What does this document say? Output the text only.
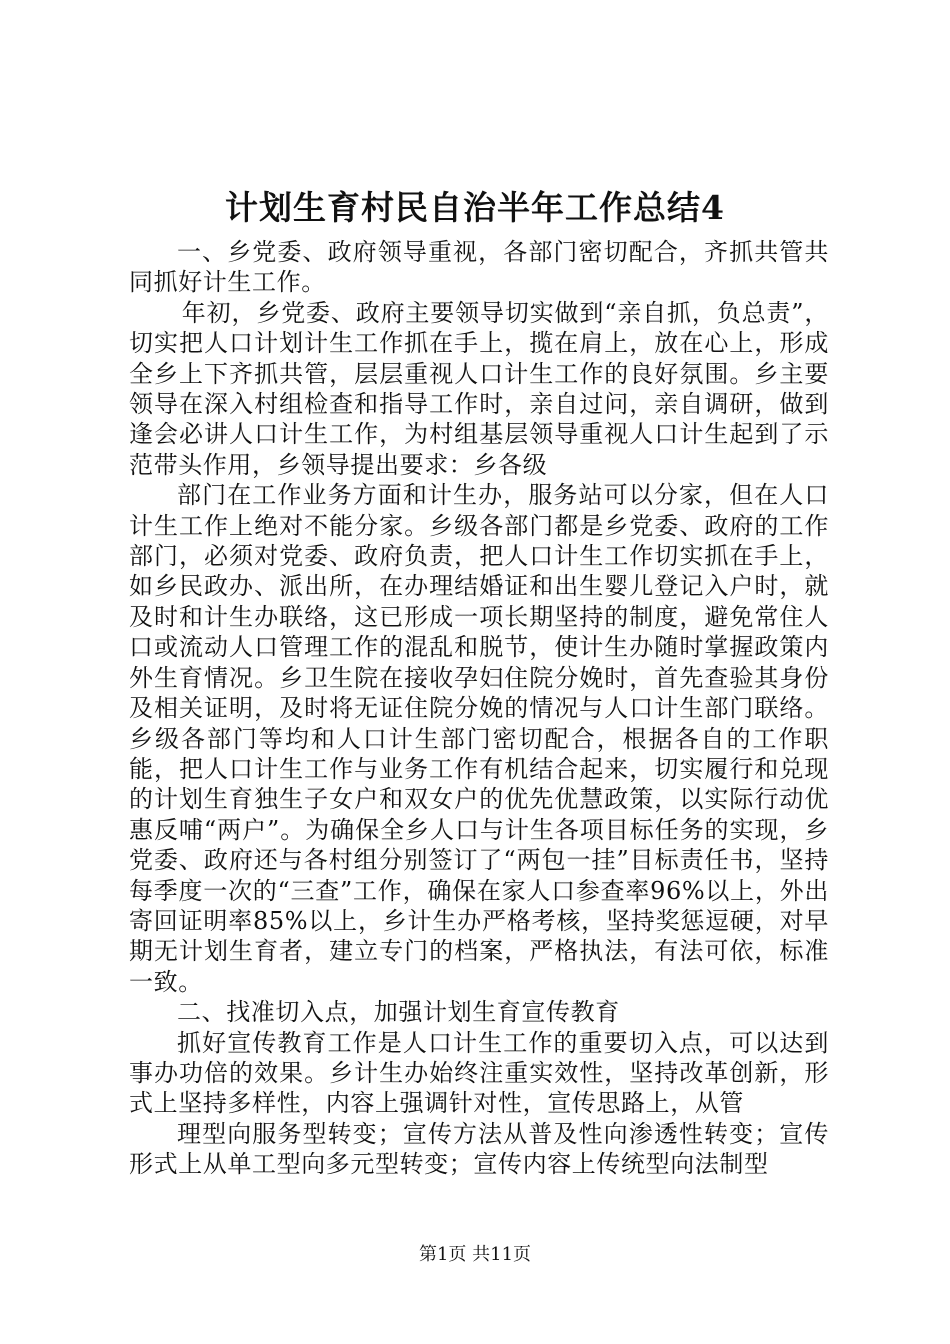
计划生育村民自治半年工作总结4

一、乡党委、政府领导重视，各部门密切配合，齐抓共管共同抓好计生工作。

年初，乡党委、政府主要领导切实做到“亲自抓，负总责”，切实把人口计划计生工作抓在手上，揽在肩上，放在心上，形成全乡上下齐抓共管，层层重视人口计生工作的良好氛围。乡主要领导在深入村组检查和指导工作时，亲自过问，亲自调研，做到逢会必讲人口计生工作，为村组基层领导重视人口计生起到了示范带头作用，乡领导提出要求：乡各级

部门在工作业务方面和计生办，服务站可以分家，但在人口计生工作上绝对不能分家。乡级各部门都是乡党委、政府的工作部门，必须对党委、政府负责，把人口计生工作切实抓在手上，如乡民政办、派出所，在办理结婚证和出生婴儿登记入户时，就及时和计生办联络，这已形成一项长期坚持的制度，避免常住人口或流动人口管理工作的混乱和脱节，使计生办随时掌握政策内外生育情况。乡卫生院在接收孕妇住院分娩时，首先查验其身份及相关证明，及时将无证住院分娩的情况与人口计生部门联络。乡级各部门等均和人口计生部门密切配合，根据各自的工作职能，把人口计生工作与业务工作有机结合起来，切实履行和兑现的计划生育独生子女户和双女户的优先优慧政策，以实际行动优惠反哺“两户”。为确保全乡人口与计生各项目标任务的实现，乡党委、政府还与各村组分别签订了“两包一挂”目标责任书，坚持每季度一次的“三查”工作，确保在家人口参查率96%以上，外出寄回证明率85%以上，乡计生办严格考核，坚持奖惩逗硬，对早期无计划生育者，建立专门的档案，严格执法，有法可依，标准一致。

二、找准切入点，加强计划生育宣传教育

抓好宣传教育工作是人口计生工作的重要切入点，可以达到事办功倍的效果。乡计生办始终注重实效性，坚持改革创新，形式上坚持多样性，内容上强调针对性，宣传思路上，从管

理型向服务型转变；宣传方法从普及性向渗透性转变；宣传形式上从单工型向多元型转变；宣传内容上传统型向法制型

第1页 共11页
